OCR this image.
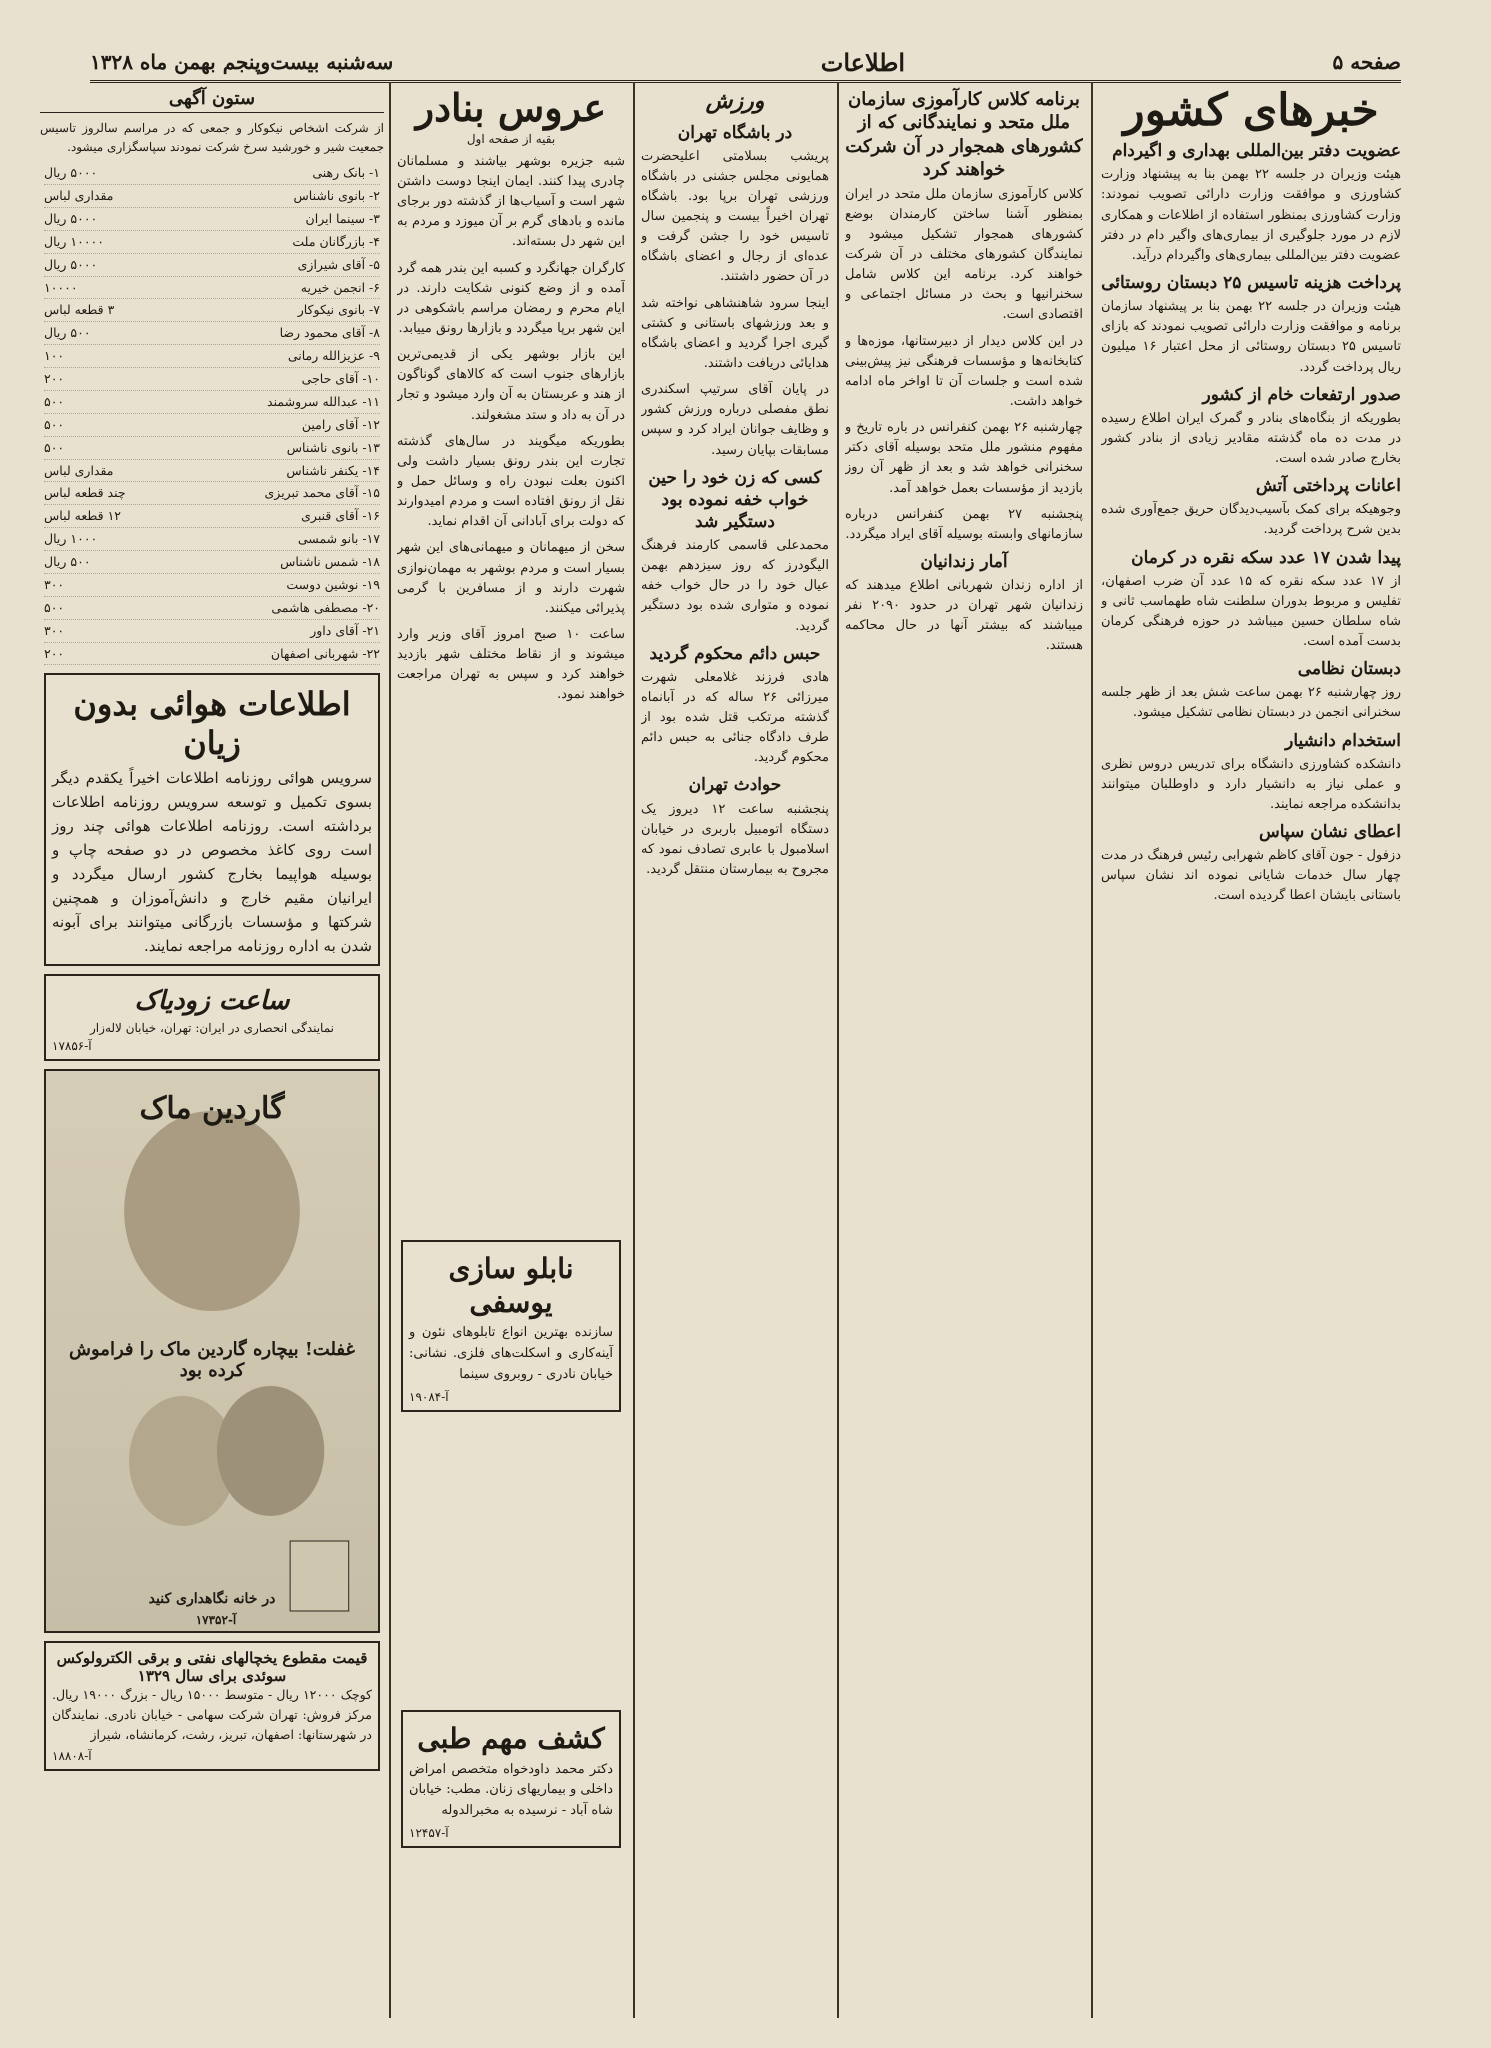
صفحه ۵
اطلاعات
سه‌شنبه بیست‌وپنجم بهمن ماه ۱۳۲۸
خبرهای کشور
عضویت دفتر بین‌المللی بهداری و اگیر‌دام

هیئت وزیران در جلسه ۲۲ بهمن بنا به پیشنهاد وزارت کشاورزی و موافقت وزارت دارائی تصویب نمودند: وزارت کشاورزی بمنظور استفاده از اطلاعات و همکاری لازم در مورد جلوگیری از بیماری‌های واگیر دام در دفتر عضویت دفتر بین‌المللی بیماری‌های واگیردام درآید.

پرداخت هزینه تاسیس ۲۵ دبستان روستائی

هیئت وزیران در جلسه ۲۲ بهمن بنا بر پیشنهاد سازمان برنامه و موافقت وزارت دارائی تصویب نمودند که بازای تاسیس ۲۵ دبستان روستائی از محل اعتبار ۱۶ میلیون ریال پرداخت گردد.

صدور ارتفعات خام از کشور

بطوریکه از بنگاه‌های بنادر و گمرک ایران اطلاع رسیده در مدت ده ماه گذشته مقادیر زیادی از بنادر کشور بخارج صادر شده است.

اعانات پرداختی آتش

وجوهیکه برای کمک بآسیب‌دیدگان حریق جمع‌آوری شده بدین شرح پرداخت گردید.

پیدا شدن ۱۷ عدد سکه نقره در کرمان

از ۱۷ عدد سکه نقره که ۱۵ عدد آن ضرب اصفهان، تفلیس و مربوط بدوران سلطنت شاه طهماسب ثانی و شاه سلطان حسین میباشد در حوزه فرهنگی کرمان بدست آمده است.

دبستان نظامی

روز چهارشنبه ۲۶ بهمن ساعت شش بعد از ظهر جلسه سخنرانی انجمن در دبستان نظامی تشکیل میشود.

استخدام دانشیار

دانشکده کشاورزی دانشگاه برای تدریس دروس نظری و عملی نیاز به دانشیار دارد و داوطلبان میتوانند بدانشکده مراجعه نمایند.

اعطای نشان سپاس

دزفول - جون آقای کاظم شهرابی رئیس فرهنگ در مدت چهار سال خدمات شایانی نموده اند نشان سپاس باستانی بایشان اعطا گردیده است.

برنامه کلاس کارآموزی سازمان ملل متحد و نمایندگانی که از کشورهای همجوار در آن شرکت خواهند کرد

کلاس کارآموزی سازمان ملل متحد در ایران بمنظور آشنا ساختن کارمندان بوضع کشورهای همجوار تشکیل میشود و نمایندگان کشورهای مختلف در آن شرکت خواهند کرد. برنامه این کلاس شامل سخنرانیها و بحث در مسائل اجتماعی و اقتصادی است.

در این کلاس دیدار از دبیرستانها، موزه‌ها و کتابخانه‌ها و مؤسسات فرهنگی نیز پیش‌بینی شده است و جلسات آن تا اواخر ماه ادامه خواهد داشت.

چهارشنبه ۲۶ بهمن کنفرانس در باره تاریخ و مفهوم منشور ملل متحد بوسیله آقای دکتر سخنرانی خواهد شد و بعد از ظهر آن روز بازدید از مؤسسات بعمل خواهد آمد.

پنجشنبه ۲۷ بهمن کنفرانس درباره سازمانهای وابسته بوسیله آقای ایراد میگردد.

آمار زندانیان

از اداره زندان شهربانی اطلاع میدهند که زندانیان شهر تهران در حدود ۲۰۹۰ نفر میباشند که بیشتر آنها در حال محاکمه هستند.

ورزش
در باشگاه تهران

پریشب بسلامتی اعلیحضرت همایونی مجلس جشنی در باشگاه ورزشی تهران برپا بود. باشگاه تهران اخیراً بیست و پنجمین سال تاسیس خود را جشن گرفت و عده‌ای از رجال و اعضای باشگاه در آن حضور داشتند.

اینجا سرود شاهنشاهی نواخته شد و بعد ورزشهای باستانی و کشتی گیری اجرا گردید و اعضای باشگاه هدایائی دریافت داشتند.

در پایان آقای سرتیپ اسکندری نطق مفصلی درباره ورزش کشور و وظایف جوانان ایراد کرد و سپس مسابقات بپایان رسید.

کسی که زن خود را حین خواب خفه نموده بود دستگیر شد

محمدعلی قاسمی کارمند فرهنگ الیگودرز که روز سیزدهم بهمن عیال خود را در حال خواب خفه نموده و متواری شده بود دستگیر گردید.

حبس دائم محکوم گردید

هادی فرزند غلامعلی شهرت میرزائی ۲۶ ساله که در آبانماه گذشته مرتکب قتل شده بود از طرف دادگاه جنائی به حبس دائم محکوم گردید.

حوادث تهران

پنجشنبه ساعت ۱۲ دیروز یک دستگاه اتومبیل باربری در خیابان اسلامبول با عابری تصادف نمود که مجروح به بیمارستان منتقل گردید.

عروس بنادر
بقیه از صفحه اول

شبه جزیره بوشهر بیاشند و مسلمانان چادری پیدا کنند. ایمان اینجا دوست داشتن شهر است و آسیاب‌ها از گذشته دور برجای مانده و بادهای گرم بر آن میوزد و مردم به این شهر دل بسته‌اند.

کارگران جهانگرد و کسبه این بندر همه گرد آمده و از وضع کنونی شکایت دارند. در ایام محرم و رمضان مراسم باشکوهی در این شهر برپا میگردد و بازارها رونق مییابد.

این بازار بوشهر یکی از قدیمی‌ترین بازارهای جنوب است که کالاهای گوناگون از هند و عربستان به آن وارد میشود و تجار در آن به داد و ستد مشغولند.

بطوریکه میگویند در سال‌های گذشته تجارت این بندر رونق بسیار داشت ولی اکنون بعلت نبودن راه و وسائل حمل و نقل از رونق افتاده است و مردم امیدوارند که دولت برای آبادانی آن اقدام نماید.

سخن از میهمانان و میهمانی‌های این شهر بسیار است و مردم بوشهر به مهمان‌نوازی شهرت دارند و از مسافرین با گرمی پذیرائی میکنند.

ساعت ۱۰ صبح امروز آقای وزیر وارد میشوند و از نقاط مختلف شهر بازدید خواهند کرد و سپس به تهران مراجعت خواهند نمود.

نابلو سازی یوسفی

سازنده بهترین انواع تابلوهای نئون و آینه‌کاری و اسکلت‌های فلزی. نشانی: خیابان نادری - روبروی سینما

آ-۱۹۰۸۴
کشف مهم طبی

دکتر محمد داودخواه متخصص امراض داخلی و بیماریهای زنان. مطب: خیابان شاه آباد - نرسیده به مخبرالدوله

آ-۱۲۴۵۷
ستون آگهی

از شرکت اشخاص نیکوکار و جمعی که در مراسم سالروز تاسیس جمعیت شیر و خورشید سرخ شرکت نمودند سپاسگزاری میشود.

۱- بانک رهنی
۵۰۰۰ ریال
۲- بانوی ناشناس
مقداری لباس
۳- سینما ایران
۵۰۰۰ ریال
۴- بازرگانان ملت
۱۰۰۰۰ ریال
۵- آقای شیرازی
۵۰۰۰ ریال
۶- انجمن خیریه
۱۰۰۰۰
۷- بانوی نیکوکار
۳ قطعه لباس
۸- آقای محمود رضا
۵۰۰ ریال
۹- عزیزالله رمانی
۱۰۰
۱۰- آقای حاجی
۲۰۰
۱۱- عبدالله سروشمند
۵۰۰
۱۲- آقای رامین
۵۰۰
۱۳- بانوی ناشناس
۵۰۰
۱۴- یکنفر ناشناس
مقداری لباس
۱۵- آقای محمد تبریزی
چند قطعه لباس
۱۶- آقای قنبری
۱۲ قطعه لباس
۱۷- بانو شمسی
۱۰۰۰ ریال
۱۸- شمس ناشناس
۵۰۰ ریال
۱۹- نوشین دوست
۳۰۰
۲۰- مصطفی هاشمی
۵۰۰
۲۱- آقای داور
۳۰۰
۲۲- شهربانی اصفهان
۲۰۰
اطلاعات هوائی بدون زیان

سرویس هوائی روزنامه اطلاعات اخیراً یکقدم دیگر بسوی تکمیل و توسعه سرویس روزنامه اطلاعات برداشته است. روزنامه اطلاعات هوائی چند روز است روی کاغذ مخصوص در دو صفحه چاپ و بوسیله هواپیما بخارج کشور ارسال میگردد و ایرانیان مقیم خارج و دانش‌آموزان و همچنین شرکتها و مؤسسات بازرگانی میتوانند برای آبونه شدن به اداره روزنامه مراجعه نمایند.

ساعت زودیاک
نمایندگی انحصاری در ایران: تهران، خیابان لاله‌زار
آ-۱۷۸۵۶
گاردین ماک
غفلت! بیچاره گاردین ماک را فراموش کرده بود
در خانه نگاهداری کنید
آ-۱۷۳۵۲
قیمت مقطوع یخچالهای نفتی و برقی الکترولوکس سوئدی برای سال ۱۳۲۹

کوچک ۱۲۰۰۰ ریال - متوسط ۱۵۰۰۰ ریال - بزرگ ۱۹۰۰۰ ریال. مرکز فروش: تهران شرکت سهامی - خیابان نادری. نمایندگان در شهرستانها: اصفهان، تبریز، رشت، کرمانشاه، شیراز

آ-۱۸۸۰۸
